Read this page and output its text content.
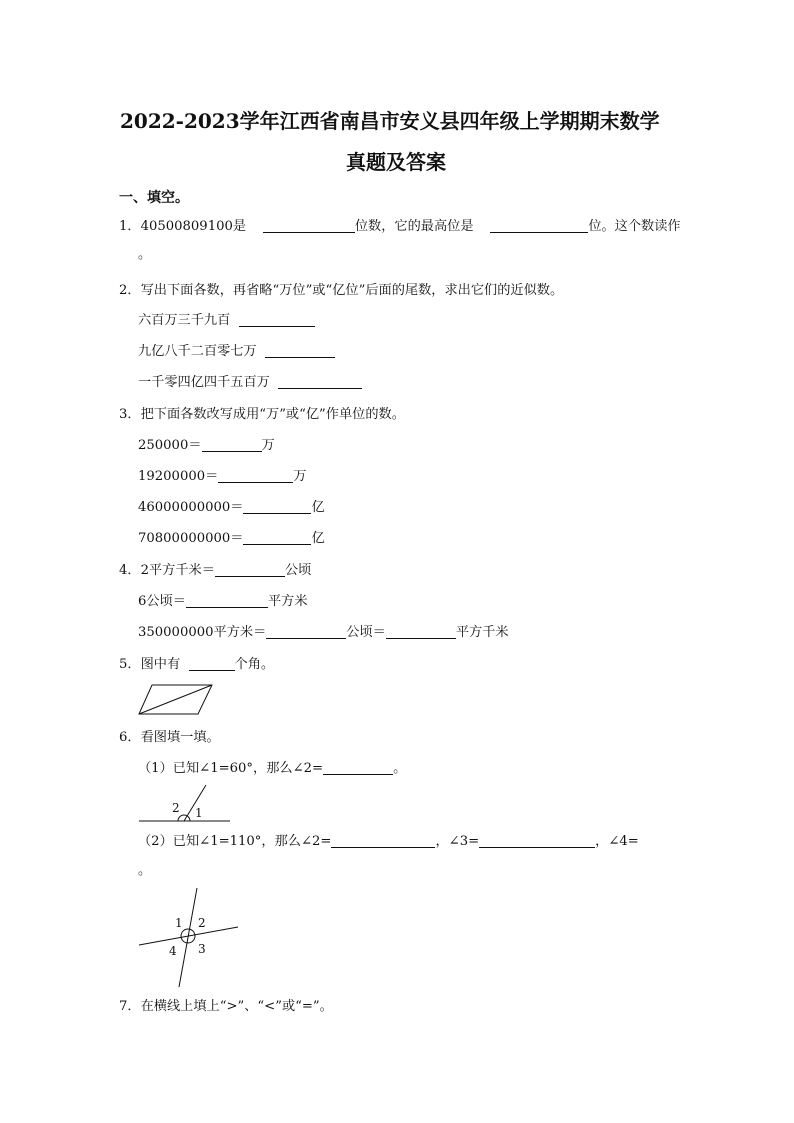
2022-2023学年江西省南昌市安义县四年级上学期期末数学
真题及答案
一、填空。
1．40500809100是	位数，它的最高位是	位。这个数读作
。
2．写出下面各数，再省略“万位”或“亿位”后面的尾数，求出它们的近似数。
六百万三千九百
九亿八千二百零七万
一千零四亿四千五百万
3．把下面各数改写成用“万”或“亿”作单位的数。
250000＝	万
19200000＝	万
46000000000＝	亿
70800000000＝	亿
4．2平方千米＝	公顷
6公顷＝	平方米
350000000平方米＝	公顷＝	平方千米
5．图中有	个角。
6．看图填一填。
（1）已知∠1=60°，那么∠2=	。
2 1
（2）已知∠1=110°，那么∠2=	，∠3=	，∠4=
。
1 2
3
4
7．在横线上填上“>”、“<”或“=”。
